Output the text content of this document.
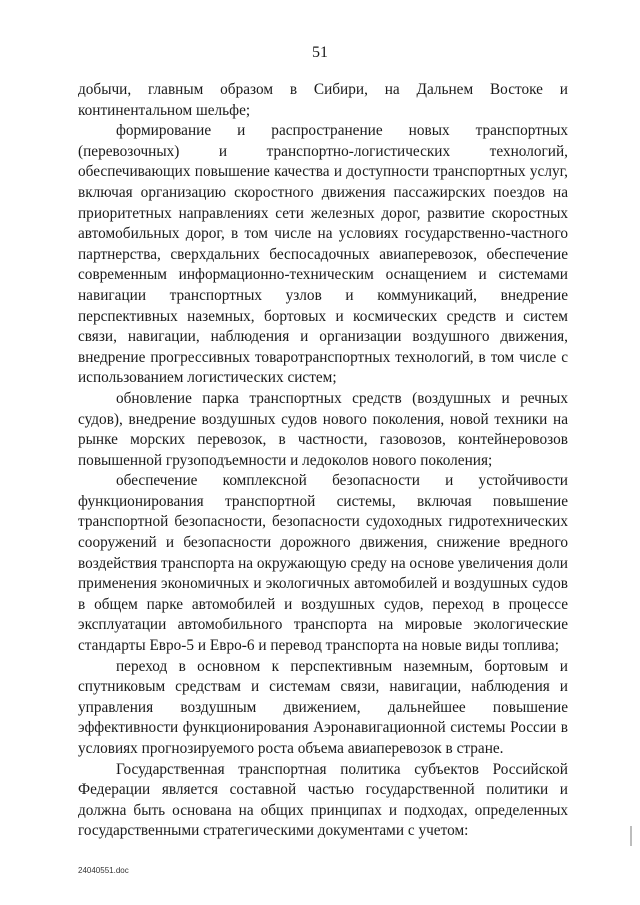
51

добычи, главным образом в Сибири, на Дальнем Востоке и континентальном шельфе;

формирование и распространение новых транспортных (перевозочных) и транспортно-логистических технологий, обеспечивающих повышение качества и доступности транспортных услуг, включая организацию скоростного движения пассажирских поездов на приоритетных направлениях сети железных дорог, развитие скоростных автомобильных дорог, в том числе на условиях государственно-частного партнерства, сверхдальних беспосадочных авиаперевозок, обеспечение современным информационно-техническим оснащением и системами навигации транспортных узлов и коммуникаций, внедрение перспективных наземных, бортовых и космических средств и систем связи, навигации, наблюдения и организации воздушного движения, внедрение прогрессивных товаротранспортных технологий, в том числе с использованием логистических систем;

обновление парка транспортных средств (воздушных и речных судов), внедрение воздушных судов нового поколения, новой техники на рынке морских перевозок, в частности, газовозов, контейнеровозов повышенной грузоподъемности и ледоколов нового поколения;

обеспечение комплексной безопасности и устойчивости функционирования транспортной системы, включая повышение транспортной безопасности, безопасности судоходных гидротехнических сооружений и безопасности дорожного движения, снижение вредного воздействия транспорта на окружающую среду на основе увеличения доли применения экономичных и экологичных автомобилей и воздушных судов в общем парке автомобилей и воздушных судов, переход в процессе эксплуатации автомобильного транспорта на мировые экологические стандарты Евро-5 и Евро-6 и перевод транспорта на новые виды топлива;

переход в основном к перспективным наземным, бортовым и спутниковым средствам и системам связи, навигации, наблюдения и управления воздушным движением, дальнейшее повышение эффективности функционирования Аэронавигационной системы России в условиях прогнозируемого роста объема авиаперевозок в стране.

Государственная транспортная политика субъектов Российской Федерации является составной частью государственной политики и должна быть основана на общих принципах и подходах, определенных государственными стратегическими документами с учетом:

24040551.doc
